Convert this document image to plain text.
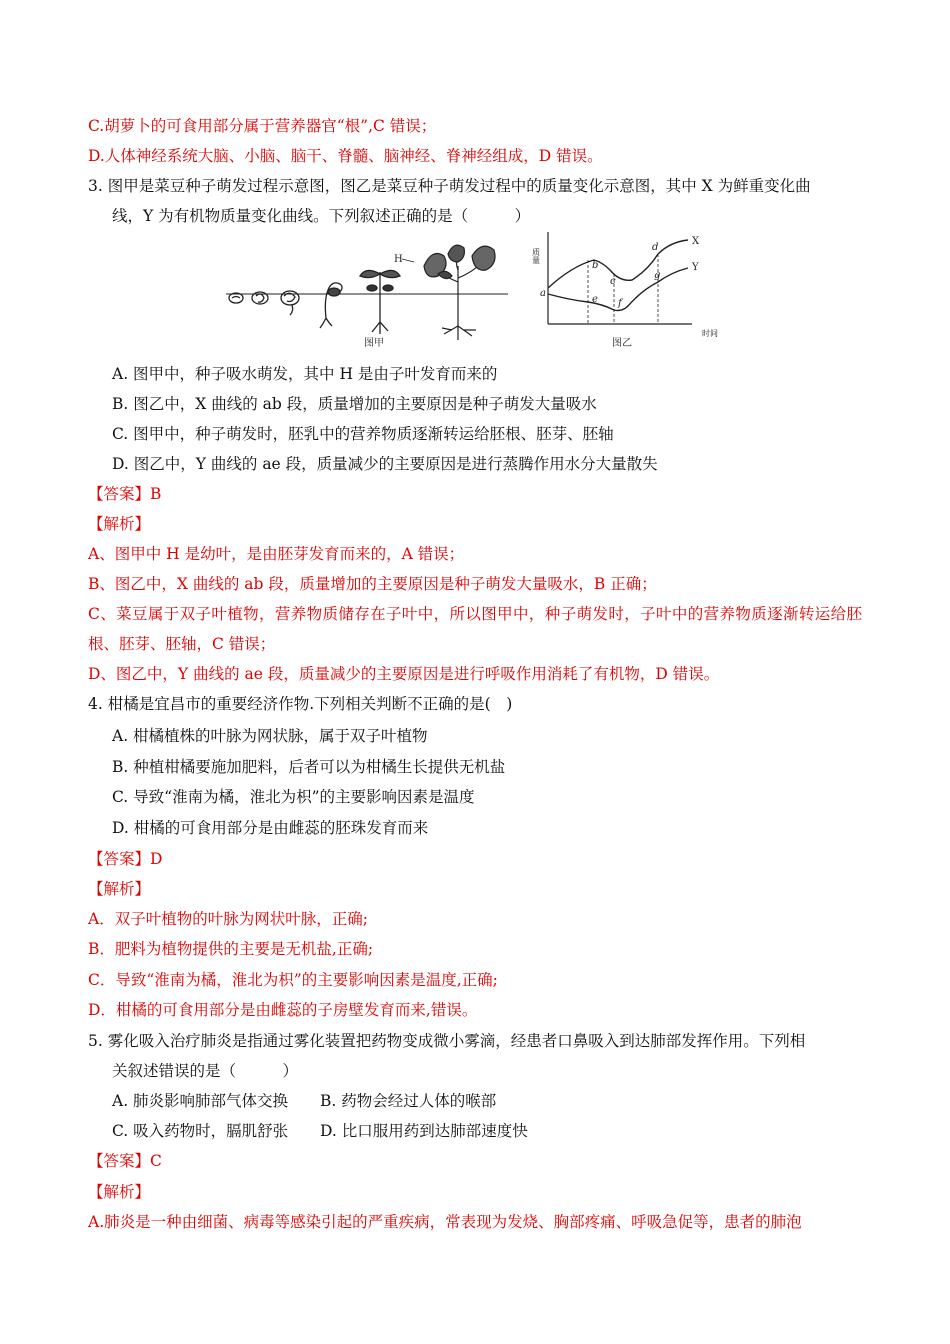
C.胡萝卜的可食用部分属于营养器官“根”,C 错误；
D.人体神经系统大脑、小脑、脑干、脊髓、脑神经、脊神经组成，D 错误。
3. 图甲是菜豆种子萌发过程示意图，图乙是菜豆种子萌发过程中的质量变化示意图，其中 X 为鲜重变化曲
线，Y 为有机物质量变化曲线。下列叙述正确的是（　　　）
H
图甲
质量
时间
a
b
c
d
e f
g
X
Y
图乙
A. 图甲中，种子吸水萌发，其中 H 是由子叶发育而来的
B. 图乙中，X 曲线的 ab 段，质量增加的主要原因是种子萌发大量吸水
C. 图甲中，种子萌发时，胚乳中的营养物质逐渐转运给胚根、胚芽、胚轴
D. 图乙中，Y 曲线的 ae 段，质量减少的主要原因是进行蒸腾作用水分大量散失
【答案】B
【解析】
A、图甲中 H 是幼叶，是由胚芽发育而来的，A 错误；
B、图乙中，X 曲线的 ab 段，质量增加的主要原因是种子萌发大量吸水，B 正确；
C、菜豆属于双子叶植物，营养物质储存在子叶中，所以图甲中，种子萌发时，子叶中的营养物质逐渐转运给胚根、胚芽、胚轴，C 错误；
D、图乙中，Y 曲线的 ae 段，质量减少的主要原因是进行呼吸作用消耗了有机物，D 错误。
4. 柑橘是宜昌市的重要经济作物.下列相关判断不正确的是(　)
A. 柑橘植株的叶脉为网状脉，属于双子叶植物
B. 种植柑橘要施加肥料，后者可以为柑橘生长提供无机盐
C. 导致“淮南为橘，淮北为枳”的主要影响因素是温度
D. 柑橘的可食用部分是由雌蕊的胚珠发育而来
【答案】D
【解析】
A．双子叶植物的叶脉为网状叶脉，正确;
B．肥料为植物提供的主要是无机盐,正确;
C．导致“淮南为橘，淮北为枳”的主要影响因素是温度,正确;
D．柑橘的可食用部分是由雌蕊的子房壁发育而来,错误。
5. 雾化吸入治疗肺炎是指通过雾化装置把药物变成微小雾滴，经患者口鼻吸入到达肺部发挥作用。下列相
关叙述错误的是（　　　）
A. 肺炎影响肺部气体交换 B. 药物会经过人体的喉部
C. 吸入药物时，膈肌舒张 D. 比口服用药到达肺部速度快
【答案】C
【解析】
A.肺炎是一种由细菌、病毒等感染引起的严重疾病，常表现为发烧、胸部疼痛、呼吸急促等，患者的肺泡
